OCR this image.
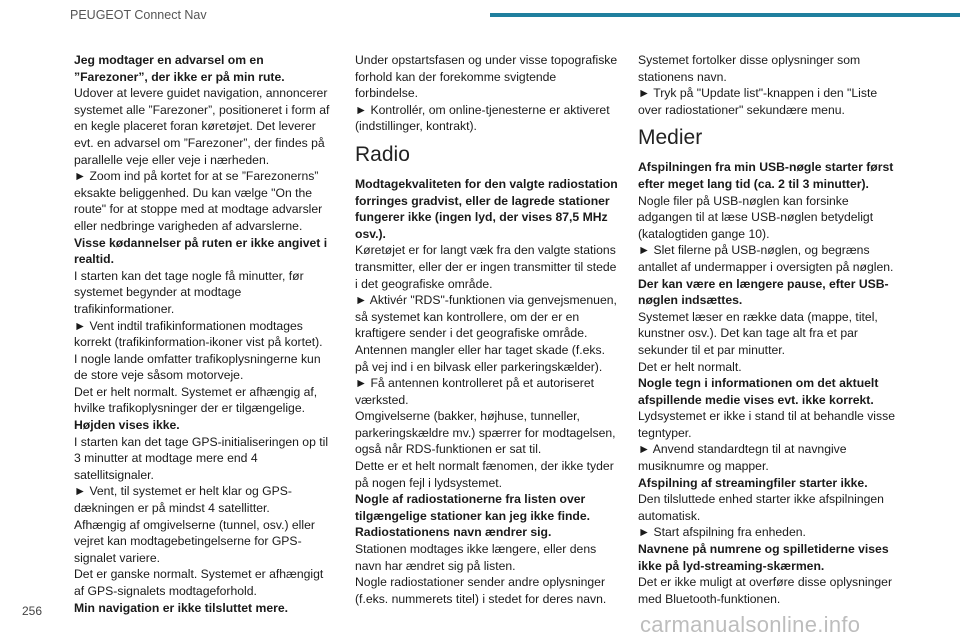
PEUGEOT Connect Nav

Jeg modtager en advarsel om en ”Farezoner”, der ikke er på min rute.

Udover at levere guidet navigation, annoncerer systemet alle ”Farezoner”, positioneret i form af en kegle placeret foran køretøjet. Det leverer evt. en advarsel om ”Farezoner”, der findes på parallelle veje eller veje i nærheden.

► Zoom ind på kortet for at se ”Farezonerns” eksakte beliggenhed. Du kan vælge "On the route" for at stoppe med at modtage advarsler eller nedbringe varigheden af advarslerne.

Visse kødannelser på ruten er ikke angivet i realtid.

I starten kan det tage nogle få minutter, før systemet begynder at modtage trafikinformationer.

► Vent indtil trafikinformationen modtages korrekt (trafikinformation-ikoner vist på kortet).

I nogle lande omfatter trafikoplysningerne kun de store veje såsom motorveje.

Det er helt normalt. Systemet er afhængig af, hvilke trafikoplysninger der er tilgængelige.

Højden vises ikke.

I starten kan det tage GPS-initialiseringen op til 3 minutter at modtage mere end 4 satellitsignaler.

► Vent, til systemet er helt klar og GPS-dækningen er på mindst 4 satellitter.

Afhængig af omgivelserne (tunnel, osv.) eller vejret kan modtagebetingelserne for GPS-signalet variere.

Det er ganske normalt. Systemet er afhængigt af GPS-signalets modtageforhold.

Min navigation er ikke tilsluttet mere.

Under opstartsfasen og under visse topografiske forhold kan der forekomme svigtende forbindelse.

► Kontrollér, om online-tjenesterne er aktiveret (indstillinger, kontrakt).

Radio

Modtagekvaliteten for den valgte radiostation forringes gradvist, eller de lagrede stationer fungerer ikke (ingen lyd, der vises 87,5 MHz osv.).

Køretøjet er for langt væk fra den valgte stations transmitter, eller der er ingen transmitter til stede i det geografiske område.

► Aktivér "RDS"-funktionen via genvejsmenuen, så systemet kan kontrollere, om der er en kraftigere sender i det geografiske område.

Antennen mangler eller har taget skade (f.eks. på vej ind i en bilvask eller parkeringskælder).

► Få antennen kontrolleret på et autoriseret værksted.

Omgivelserne (bakker, højhuse, tunneller, parkeringskældre mv.) spærrer for modtagelsen, også når RDS-funktionen er sat til.

Dette er et helt normalt fænomen, der ikke tyder på nogen fejl i lydsystemet.

Nogle af radiostationerne fra listen over tilgængelige stationer kan jeg ikke finde.

Radiostationens navn ændrer sig.

Stationen modtages ikke længere, eller dens navn har ændret sig på listen.

Nogle radiostationer sender andre oplysninger (f.eks. nummerets titel) i stedet for deres navn.

Systemet fortolker disse oplysninger som stationens navn.

► Tryk på "Update list"-knappen i den "Liste over radiostationer" sekundære menu.

Medier

Afspilningen fra min USB-nøgle starter først efter meget lang tid (ca. 2 til 3 minutter).

Nogle filer på USB-nøglen kan forsinke adgangen til at læse USB-nøglen betydeligt (katalogtiden gange 10).

► Slet filerne på USB-nøglen, og begræns antallet af undermapper i oversigten på nøglen.

Der kan være en længere pause, efter USB-nøglen indsættes.

Systemet læser en række data (mappe, titel, kunstner osv.). Det kan tage alt fra et par sekunder til et par minutter.

Det er helt normalt.

Nogle tegn i informationen om det aktuelt afspillende medie vises evt. ikke korrekt.

Lydsystemet er ikke i stand til at behandle visse tegntyper.

► Anvend standardtegn til at navngive musiknumre og mapper.

Afspilning af streamingfiler starter ikke.

Den tilsluttede enhed starter ikke afspilningen automatisk.

► Start afspilning fra enheden.

Navnene på numrene og spilletiderne vises ikke på lyd-streaming-skærmen.

Det er ikke muligt at overføre disse oplysninger med Bluetooth-funktionen.

256
carmanualsonline.info
